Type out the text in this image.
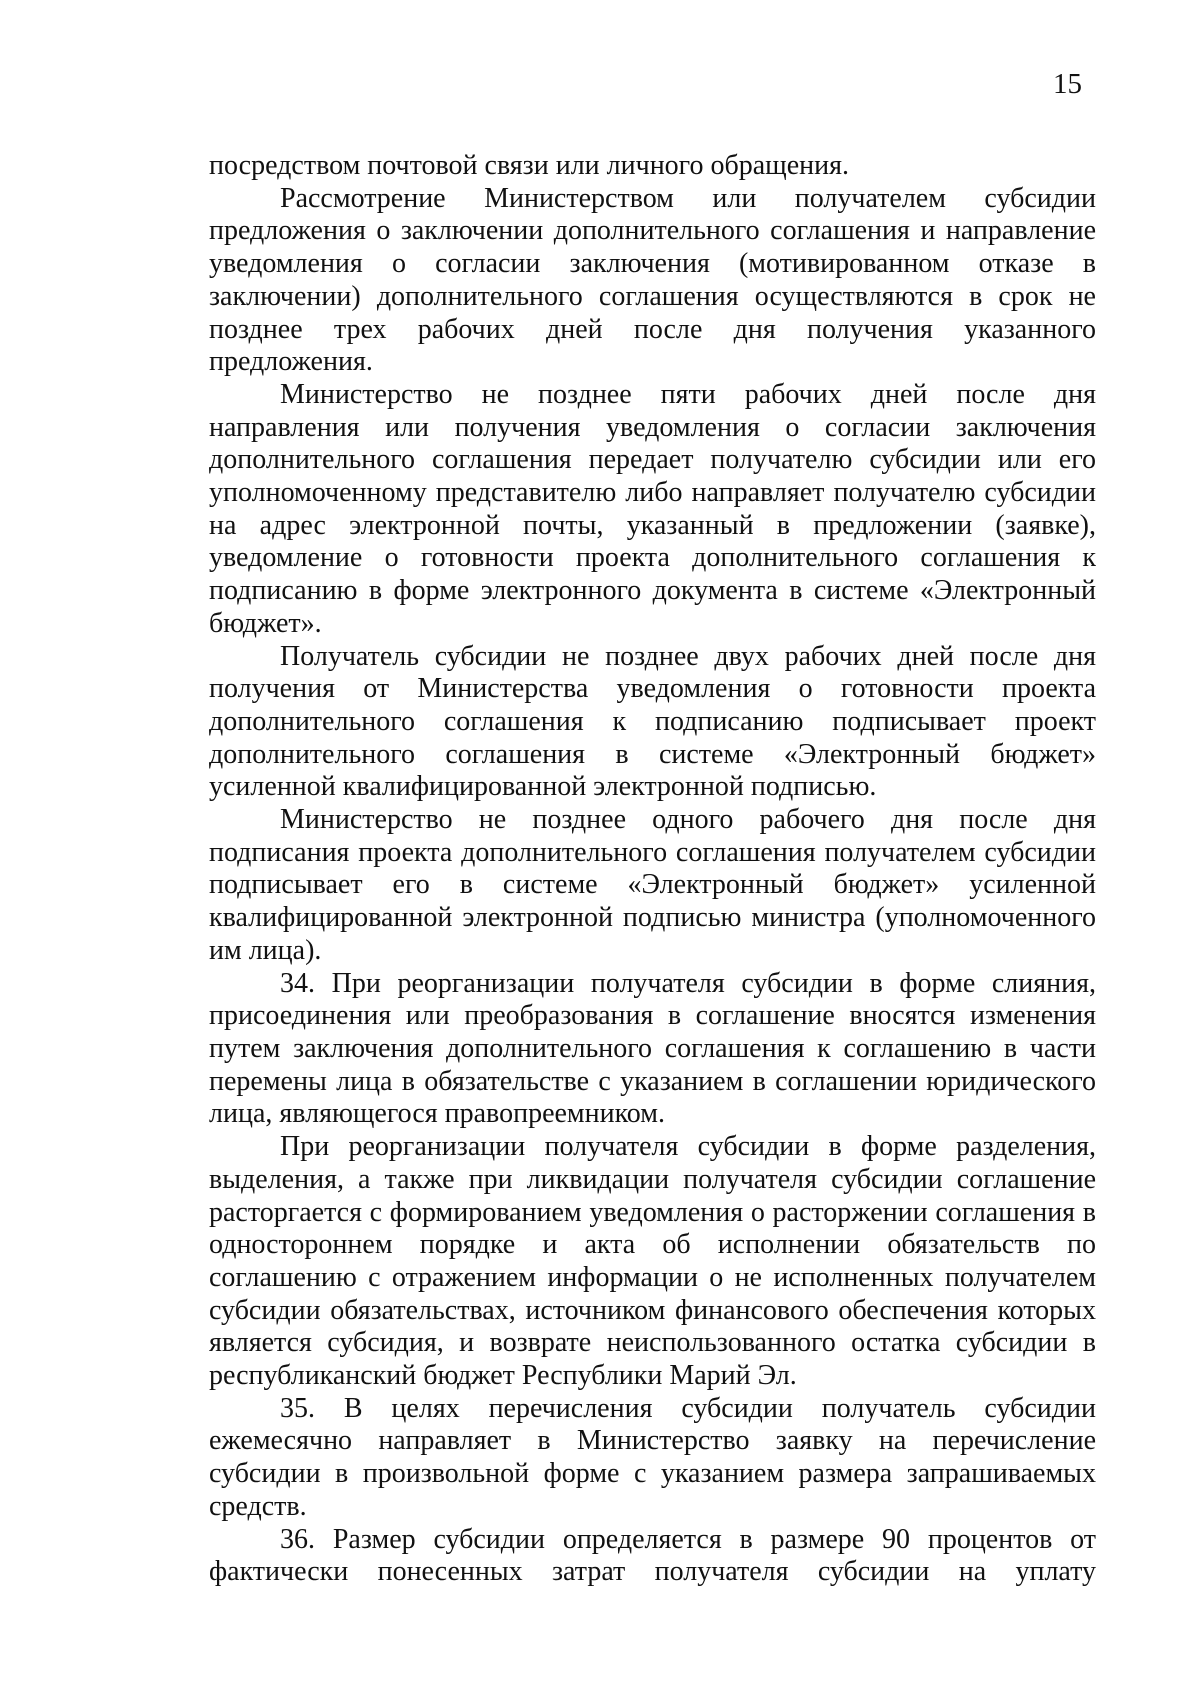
15

посредством почтовой связи или личного обращения.

Рассмотрение Министерством или получателем субсидии предложения о заключении дополнительного соглашения и направление уведомления о согласии заключения (мотивированном отказе в заключении) дополнительного соглашения осуществляются в срок не позднее трех рабочих дней после дня получения указанного предложения.

Министерство не позднее пяти рабочих дней после дня направления или получения уведомления о согласии заключения дополнительного соглашения передает получателю субсидии или его уполномоченному представителю либо направляет получателю субсидии на адрес электронной почты, указанный в предложении (заявке), уведомление о готовности проекта дополнительного соглашения к подписанию в форме электронного документа в системе «Электронный бюджет».

Получатель субсидии не позднее двух рабочих дней после дня получения от Министерства уведомления о готовности проекта дополнительного соглашения к подписанию подписывает проект дополнительного соглашения в системе «Электронный бюджет» усиленной квалифицированной электронной подписью.

Министерство не позднее одного рабочего дня после дня подписания проекта дополнительного соглашения получателем субсидии подписывает его в системе «Электронный бюджет» усиленной квалифицированной электронной подписью министра (уполномоченного им лица).

34. При реорганизации получателя субсидии в форме слияния, присоединения или преобразования в соглашение вносятся изменения путем заключения дополнительного соглашения к соглашению в части перемены лица в обязательстве с указанием в соглашении юридического лица, являющегося правопреемником.

При реорганизации получателя субсидии в форме разделения, выделения, а также при ликвидации получателя субсидии соглашение расторгается с формированием уведомления о расторжении соглашения в одностороннем порядке и акта об исполнении обязательств по соглашению с отражением информации о не исполненных получателем субсидии обязательствах, источником финансового обеспечения которых является субсидия, и возврате неиспользованного остатка субсидии в республиканский бюджет Республики Марий Эл.

35. В целях перечисления субсидии получатель субсидии ежемесячно направляет в Министерство заявку на перечисление субсидии в произвольной форме с указанием размера запрашиваемых средств.

36. Размер субсидии определяется в размере 90 процентов от фактически понесенных затрат получателя субсидии на уплату
